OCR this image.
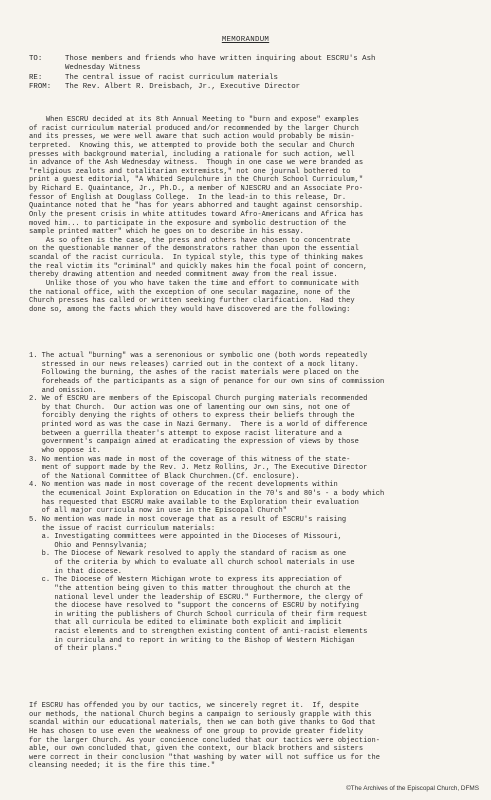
MEMORANDUM
TO:	Those members and friends who have written inquiring about ESCRU's Ash
Wednesday Witness
RE:	The central issue of racist curriculum materials
FROM:	The Rev. Albert R. Dreisbach, Jr., Executive Director
When ESCRU decided at its 8th Annual Meeting to "burn and expose" examples
of racist curriculum material produced and/or recommended by the larger Church
and its presses, we were well aware that such action would probably be misin-
terpreted.  Knowing this, we attempted to provide both the secular and Church
presses with background material, including a rationale for such action, well
in advance of the Ash Wednesday witness.  Though in one case we were branded as
"religious zealots and totalitarian extremists," not one journal bothered to
print a guest editorial, "A Whited Sepulchure in the Church School Curriculum,"
by Richard E. Quaintance, Jr., Ph.D., a member of NJESCRU and an Associate Pro-
fessor of English at Douglass College.  In the lead-in to this release, Dr.
Quaintance noted that he "has for years abhorred and taught against censorship.
Only the present crisis in white attitudes toward Afro-Americans and Africa has
moved him... to participate in the exposure and symbolic destruction of the
sample printed matter" which he goes on to describe in his essay.
As so often is the case, the press and others have chosen to concentrate
on the questionable manner of the demonstrators rather than upon the essential
scandal of the racist curricula.  In typical style, this type of thinking makes
the real victim its "criminal" and quickly makes him the focal point of concern,
thereby drawing attention and needed commitment away from the real issue.
Unlike those of you who have taken the time and effort to communicate with
the national office, with the exception of one secular magazine, none of the
Church presses has called or written seeking further clarification.  Had they
done so, among the facts which they would have discovered are the following:
1. The actual "burning" was a serenonious or symbolic one (both words repeatedly
stressed in our news releases) carried out in the context of a mock litany.
Following the burning, the ashes of the racist materials were placed on the
foreheads of the participants as a sign of penance for our own sins of commission
and omission.
2. We of ESCRU are members of the Episcopal Church purging materials recommended
by that Church.  Our action was one of lamenting our own sins, not one of
forcibly denying the rights of others to express their beliefs through the
printed word as was the case in Nazi Germany.  There is a world of difference
between a guerrilla theater's attempt to expose racist literature and a
government's campaign aimed at eradicating the expression of views by those
who oppose it.
3. No mention was made in most of the coverage of this witness of the state-
ment of support made by the Rev. J. Metz Rollins, Jr., The Executive Director
of the National Committee of Black Churchmen.(Cf. enclosure).
4. No mention was made in most coverage of the recent developments within
the ecumenical Joint Exploration on Education in the 70's and 80's - a body which
has requested that ESCRU make available to the Exploration their evaluation
of all major curricula now in use in the Episcopal Church"
5. No mention was made in most coverage that as a result of ESCRU's raising
the issue of racist curriculum materials:
a. Investigating committees were appointed in the Dioceses of Missouri,
Ohio and Pennsylvania;
b. The Diocese of Newark resolved to apply the standard of racism as one
of the criteria by which to evaluate all church school materials in use
in that diocese.
c. The Diocese of Western Michigan wrote to express its appreciation of
"the attention being given to this matter throughout the church at the
national level under the leadership of ESCRU." Furthermore, the clergy of
the diocese have resolved to "support the concerns of ESCRU by notifying
in writing the publishers of Church School curricula of their firm request
that all curricula be edited to eliminate both explicit and implicit
racist elements and to strengthen existing content of anti-racist elements
in curricula and to report in writing to the Bishop of Western Michigan
of their plans."
If ESCRU has offended you by our tactics, we sincerely regret it.  If, despite
our methods, the national Church begins a campaign to seriously grapple with this
scandal within our educational materials, then we can both give thanks to God that
He has chosen to use even the weakness of one group to provide greater fidelity
for the larger Church. As your concience concluded that our tactics were objection-
able, our own concluded that, given the context, our black brothers and sisters
were correct in their conclusion "that washing by water will not suffice us for the
cleansing needed; it is the fire this time."
©The Archives of the Episcopal Church, DFMS
